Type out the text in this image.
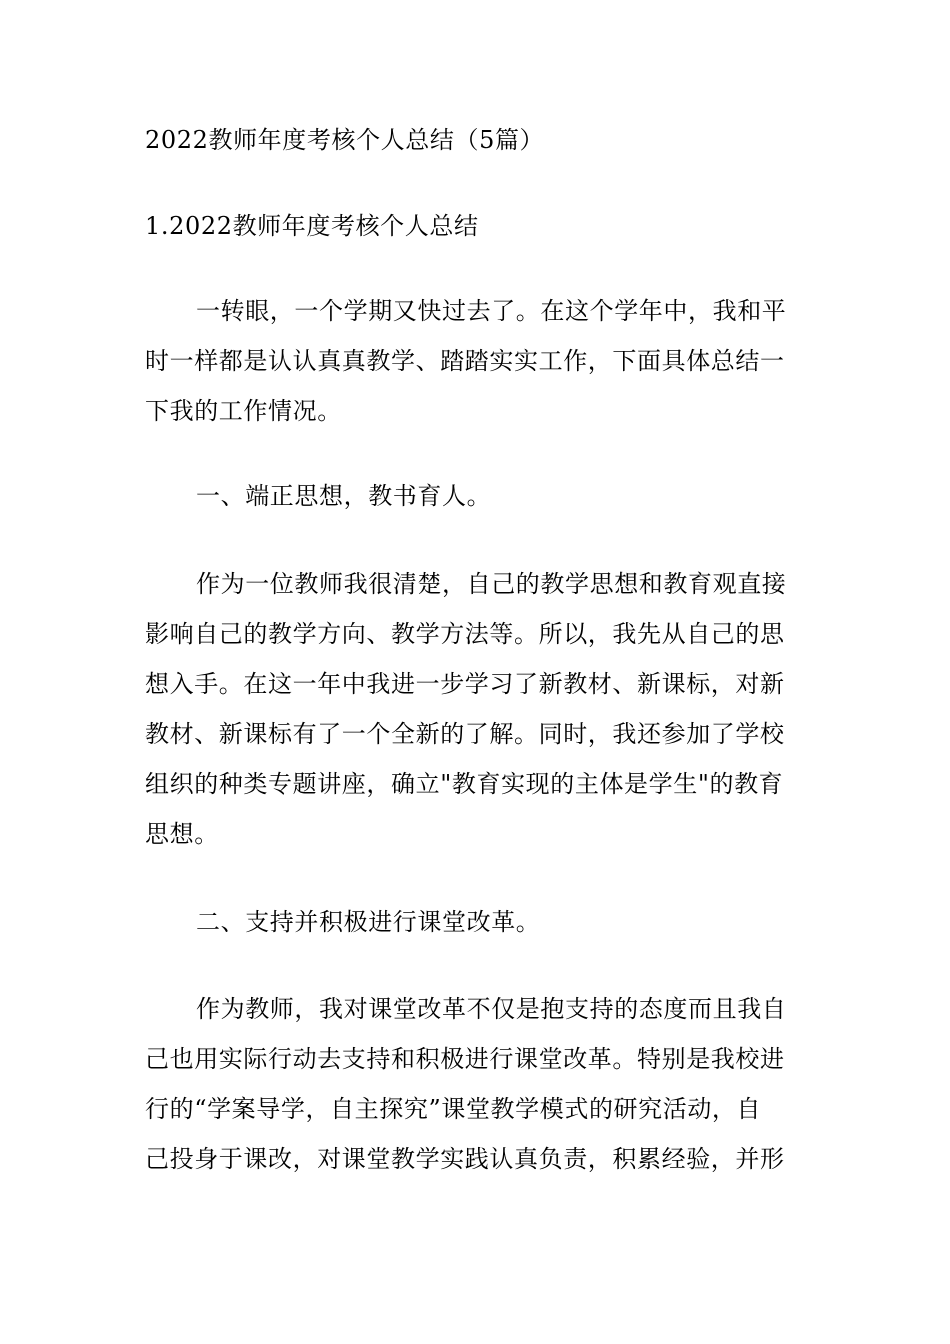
2022教师年度考核个人总结（5篇）
1.2022教师年度考核个人总结
一转眼，一个学期又快过去了。在这个学年中，我和平
时一样都是认认真真教学、踏踏实实工作，下面具体总结一
下我的工作情况。
一、端正思想，教书育人。
作为一位教师我很清楚，自己的教学思想和教育观直接
影响自己的教学方向、教学方法等。所以，我先从自己的思
想入手。在这一年中我进一步学习了新教材、新课标，对新
教材、新课标有了一个全新的了解。同时，我还参加了学校
组织的种类专题讲座，确立"教育实现的主体是学生"的教育
思想。
二、支持并积极进行课堂改革。
作为教师，我对课堂改革不仅是抱支持的态度而且我自
己也用实际行动去支持和积极进行课堂改革。特别是我校进
行的“学案导学，自主探究”课堂教学模式的研究活动，自
己投身于课改，对课堂教学实践认真负责，积累经验，并形
